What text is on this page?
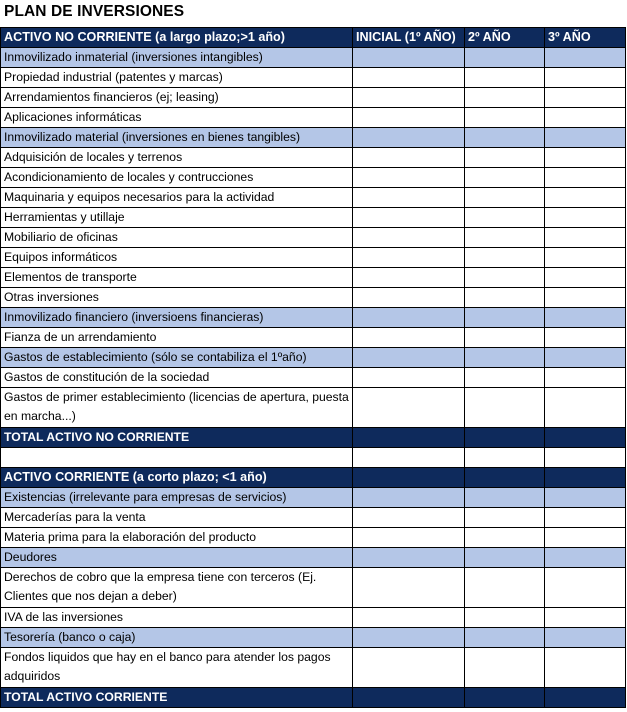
PLAN DE INVERSIONES
ACTIVO NO CORRIENTE (a largo plazo;>1 año)	INICIAL (1º AÑO)	2º AÑO	3º AÑO
Inmovilizado inmaterial (inversiones intangibles)			
Propiedad industrial (patentes y marcas)			
Arrendamientos financieros (ej; leasing)			
Aplicaciones informáticas			
Inmovilizado material (inversiones en bienes tangibles)			
Adquisición de locales y terrenos			
Acondicionamiento de locales y contrucciones			
Maquinaria y equipos necesarios para la actividad			
Herramientas y utillaje			
Mobiliario de oficinas			
Equipos informáticos			
Elementos de transporte			
Otras inversiones			
Inmovilizado financiero (inversioens financieras)			
Fianza de un arrendamiento			
Gastos de establecimiento (sólo se contabiliza el 1ºaño)			
Gastos de constitución de la sociedad			
Gastos de primer establecimiento (licencias de apertura, puesta en marcha...)			
TOTAL ACTIVO NO CORRIENTE			

ACTIVO CORRIENTE (a corto plazo; <1 año)			
Existencias (irrelevante para empresas de servicios)			
Mercaderías para la venta			
Materia prima para la elaboración del producto			
Deudores			
Derechos de cobro que la empresa tiene con terceros (Ej. Clientes que nos dejan a deber)			
IVA de las inversiones			
Tesorería (banco o caja)			
Fondos liquidos que hay en el banco para atender los pagos adquiridos			
TOTAL ACTIVO CORRIENTE			
